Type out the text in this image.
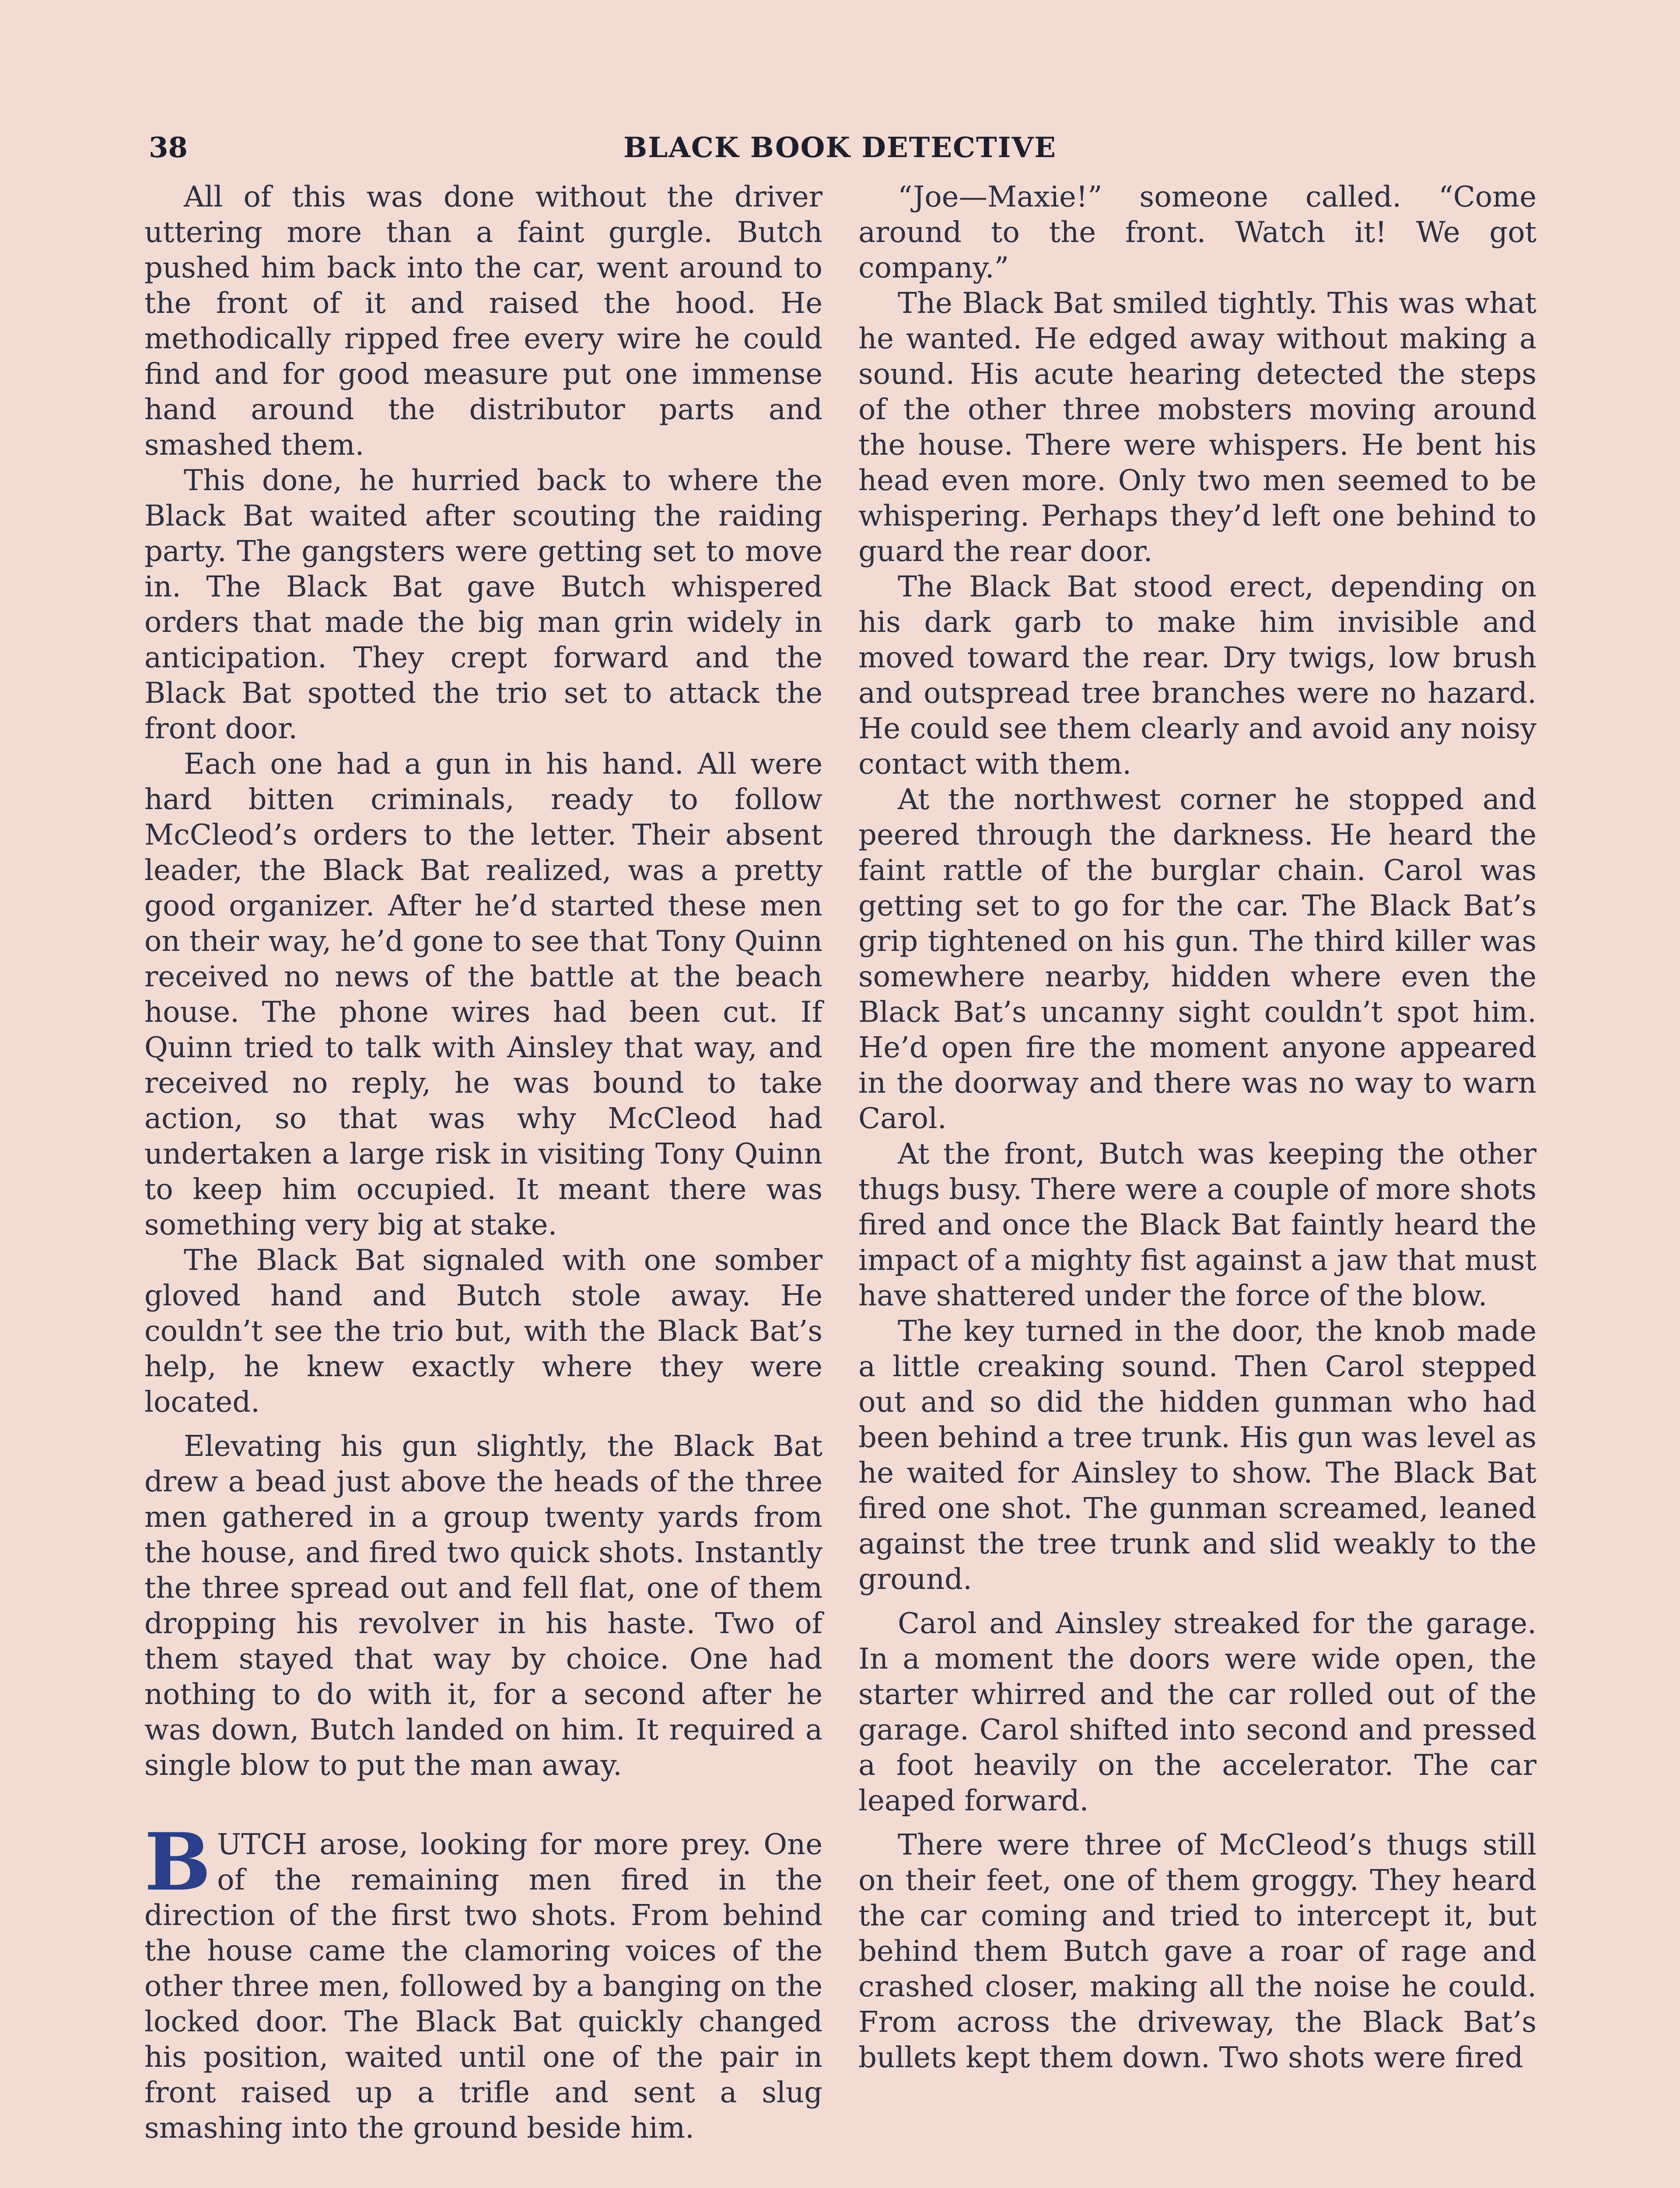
38	BLACK BOOK DETECTIVE

All of this was done without the driver uttering more than a faint gurgle. Butch pushed him back into the car, went around to the front of it and raised the hood. He methodically ripped free every wire he could find and for good measure put one immense hand around the distributor parts and smashed them.

This done, he hurried back to where the Black Bat waited after scouting the raiding party. The gangsters were getting set to move in. The Black Bat gave Butch whispered orders that made the big man grin widely in anticipation. They crept forward and the Black Bat spotted the trio set to attack the front door.

Each one had a gun in his hand. All were hard bitten criminals, ready to follow McCleod’s orders to the letter. Their absent leader, the Black Bat realized, was a pretty good organizer. After he’d started these men on their way, he’d gone to see that Tony Quinn received no news of the battle at the beach house. The phone wires had been cut. If Quinn tried to talk with Ainsley that way, and received no reply, he was bound to take action, so that was why McCleod had undertaken a large risk in visiting Tony Quinn to keep him occupied. It meant there was something very big at stake.

The Black Bat signaled with one somber gloved hand and Butch stole away. He couldn’t see the trio but, with the Black Bat’s help, he knew exactly where they were located.

Elevating his gun slightly, the Black Bat drew a bead just above the heads of the three men gathered in a group twenty yards from the house, and fired two quick shots. Instantly the three spread out and fell flat, one of them dropping his revolver in his haste. Two of them stayed that way by choice. One had nothing to do with it, for a second after he was down, Butch landed on him. It required a single blow to put the man away.

BUTCH arose, looking for more prey. One of the remaining men fired in the direction of the first two shots. From behind the house came the clamoring voices of the other three men, followed by a banging on the locked door. The Black Bat quickly changed his position, waited until one of the pair in front raised up a trifle and sent a slug smashing into the ground beside him.

“Joe—Maxie!” someone called. “Come around to the front. Watch it! We got company.”

The Black Bat smiled tightly. This was what he wanted. He edged away without making a sound. His acute hearing detected the steps of the other three mobsters moving around the house. There were whispers. He bent his head even more. Only two men seemed to be whispering. Perhaps they’d left one behind to guard the rear door.

The Black Bat stood erect, depending on his dark garb to make him invisible and moved toward the rear. Dry twigs, low brush and outspread tree branches were no hazard. He could see them clearly and avoid any noisy contact with them.

At the northwest corner he stopped and peered through the darkness. He heard the faint rattle of the burglar chain. Carol was getting set to go for the car. The Black Bat’s grip tightened on his gun. The third killer was somewhere nearby, hidden where even the Black Bat’s uncanny sight couldn’t spot him. He’d open fire the moment anyone appeared in the doorway and there was no way to warn Carol.

At the front, Butch was keeping the other thugs busy. There were a couple of more shots fired and once the Black Bat faintly heard the impact of a mighty fist against a jaw that must have shattered under the force of the blow.

The key turned in the door, the knob made a little creaking sound. Then Carol stepped out and so did the hidden gunman who had been behind a tree trunk. His gun was level as he waited for Ainsley to show. The Black Bat fired one shot. The gunman screamed, leaned against the tree trunk and slid weakly to the ground.

Carol and Ainsley streaked for the garage. In a moment the doors were wide open, the starter whirred and the car rolled out of the garage. Carol shifted into second and pressed a foot heavily on the accelerator. The car leaped forward.

There were three of McCleod’s thugs still on their feet, one of them groggy. They heard the car coming and tried to intercept it, but behind them Butch gave a roar of rage and crashed closer, making all the noise he could. From across the driveway, the Black Bat’s bullets kept them down. Two shots were fired
